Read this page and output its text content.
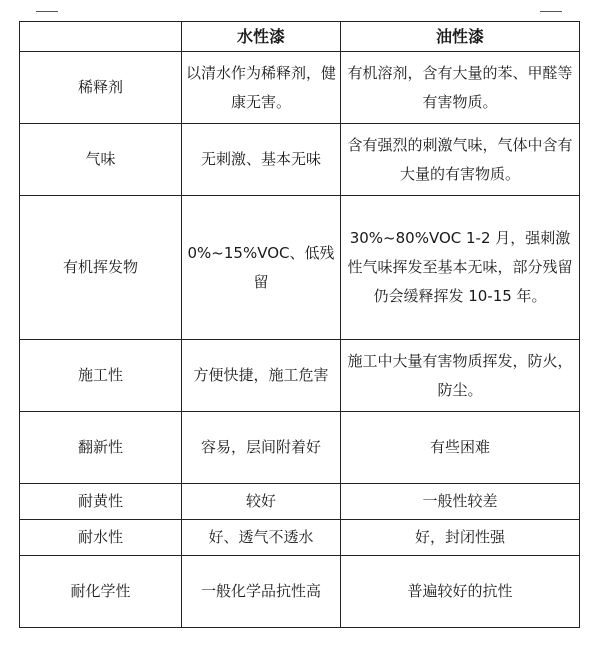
	水性漆	油性漆
稀释剂	以清水作为稀释剂，健康无害。	有机溶剂，含有大量的苯、甲醛等有害物质。
气味	无刺激、基本无味	含有强烈的刺激气味，气体中含有大量的有害物质。
有机挥发物	0%~15%VOC、低残留	30%~80%VOC 1-2 月，强刺激性气味挥发至基本无味，部分残留仍会缓释挥发 10-15 年。
施工性	方便快捷，施工危害	施工中大量有害物质挥发，防火，防尘。
翻新性	容易，层间附着好	有些困难
耐黄性	较好	一般性较差
耐水性	好、透气不透水	好，封闭性强
耐化学性	一般化学品抗性高	普遍较好的抗性
